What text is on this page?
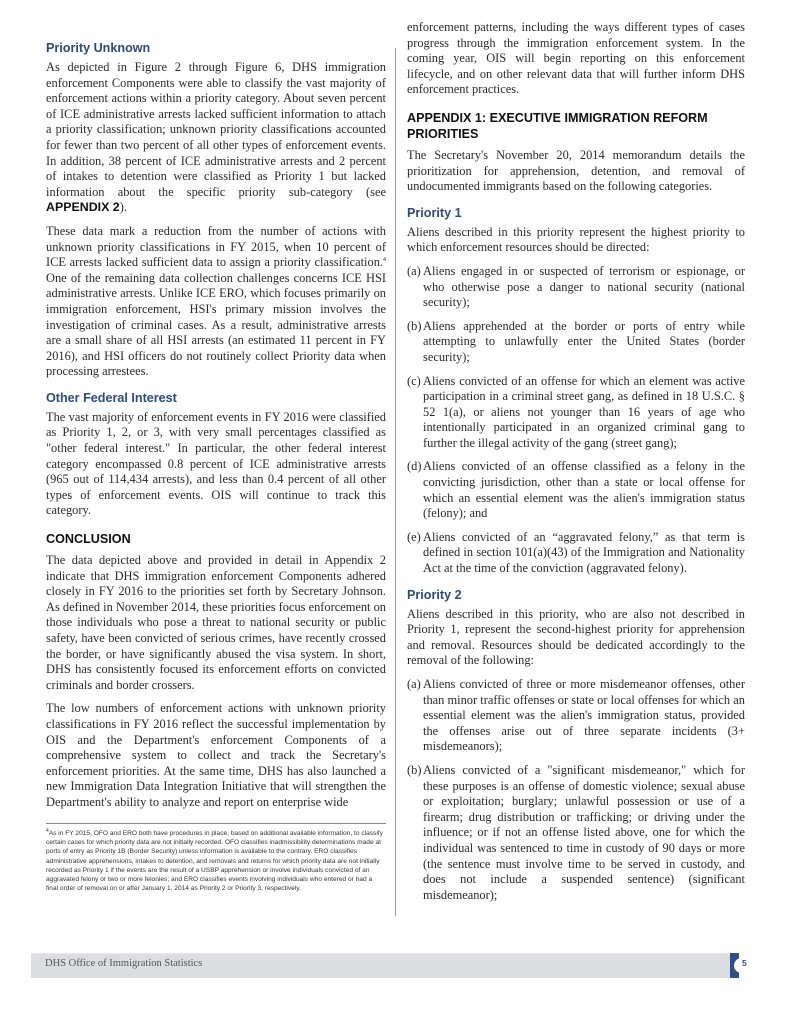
Priority Unknown

As depicted in Figure 2 through Figure 6, DHS immigration enforcement Components were able to classify the vast majority of enforcement actions within a priority category. About seven percent of ICE administrative arrests lacked sufficient information to attach a priority classification; unknown priority classifications accounted for fewer than two percent of all other types of enforcement events. In addition, 38 percent of ICE administrative arrests and 2 percent of intakes to detention were classified as Priority 1 but lacked information about the specific priority sub-category (see APPENDIX 2).

These data mark a reduction from the number of actions with unknown priority classifications in FY 2015, when 10 percent of ICE arrests lacked sufficient data to assign a priority classification.$^4$ One of the remaining data collection challenges concerns ICE HSI administrative arrests. Unlike ICE ERO, which focuses primarily on immigration enforcement, HSI's primary mission involves the investigation of criminal cases. As a result, administrative arrests are a small share of all HSI arrests (an estimated 11 percent in FY 2016), and HSI officers do not routinely collect Priority data when processing arrestees.

Other Federal Interest

The vast majority of enforcement events in FY 2016 were classified as Priority 1, 2, or 3, with very small percentages classified as "other federal interest." In particular, the other federal interest category encompassed 0.8 percent of ICE administrative arrests (965 out of 114,434 arrests), and less than 0.4 percent of all other types of enforcement events. OIS will continue to track this category.

CONCLUSION

The data depicted above and provided in detail in Appendix 2 indicate that DHS immigration enforcement Components adhered closely in FY 2016 to the priorities set forth by Secretary Johnson. As defined in November 2014, these priorities focus enforcement on those individuals who pose a threat to national security or public safety, have been convicted of serious crimes, have recently crossed the border, or have significantly abused the visa system. In short, DHS has consistently focused its enforcement efforts on convicted criminals and border crossers.

The low numbers of enforcement actions with unknown priority classifications in FY 2016 reflect the successful implementation by OIS and the Department's enforcement Components of a comprehensive system to collect and track the Secretary's enforcement priorities. At the same time, DHS has also launched a new Immigration Data Integration Initiative that will strengthen the Department's ability to analyze and report on enterprise wide

$^4$As in FY 2015, OFO and ERO both have procedures in place, based on additional available information, to classify certain cases for which priority data are not initially recorded. OFO classifies inadmissibility determinations made at ports of entry as Priority 1B (Border Security) unless information is available to the contrary. ERO classifies administrative apprehensions, intakes to detention, and removals and returns for which priority data are not initially recorded as Priority 1 if the events are the result of a USBP apprehension or involve individuals convicted of an aggravated felony or two or more felonies; and ERO classifies events involving individuals who entered or had a final order of removal on or after January 1, 2014 as Priority 2 or Priority 3, respectively.

enforcement patterns, including the ways different types of cases progress through the immigration enforcement system. In the coming year, OIS will begin reporting on this enforcement lifecycle, and on other relevant data that will further inform DHS enforcement practices.

APPENDIX 1: EXECUTIVE IMMIGRATION REFORM PRIORITIES

The Secretary's November 20, 2014 memorandum details the prioritization for apprehension, detention, and removal of undocumented immigrants based on the following categories.

Priority 1

Aliens described in this priority represent the highest priority to which enforcement resources should be directed:

(a) Aliens engaged in or suspected of terrorism or espionage, or who otherwise pose a danger to national security (national security);
(b) Aliens apprehended at the border or ports of entry while attempting to unlawfully enter the United States (border security);
(c) Aliens convicted of an offense for which an element was active participation in a criminal street gang, as defined in 18 U.S.C. § 52 1(a), or aliens not younger than 16 years of age who intentionally participated in an organized criminal gang to further the illegal activity of the gang (street gang);
(d) Aliens convicted of an offense classified as a felony in the convicting jurisdiction, other than a state or local offense for which an essential element was the alien's immigration status (felony); and
(e) Aliens convicted of an “aggravated felony,” as that term is defined in section 101(a)(43) of the Immigration and Nationality Act at the time of the conviction (aggravated felony).
Priority 2

Aliens described in this priority, who are also not described in Priority 1, represent the second-highest priority for apprehension and removal. Resources should be dedicated accordingly to the removal of the following:

(a) Aliens convicted of three or more misdemeanor offenses, other than minor traffic offenses or state or local offenses for which an essential element was the alien's immigration status, provided the offenses arise out of three separate incidents (3+ misdemeanors);
(b) Aliens convicted of a "significant misdemeanor," which for these purposes is an offense of domestic violence; sexual abuse or exploitation; burglary; unlawful possession or use of a firearm; drug distribution or trafficking; or driving under the influence; or if not an offense listed above, one for which the individual was sentenced to time in custody of 90 days or more (the sentence must involve time to be served in custody, and does not include a suspended sentence) (significant misdemeanor);
DHS Office of Immigration Statistics	5
